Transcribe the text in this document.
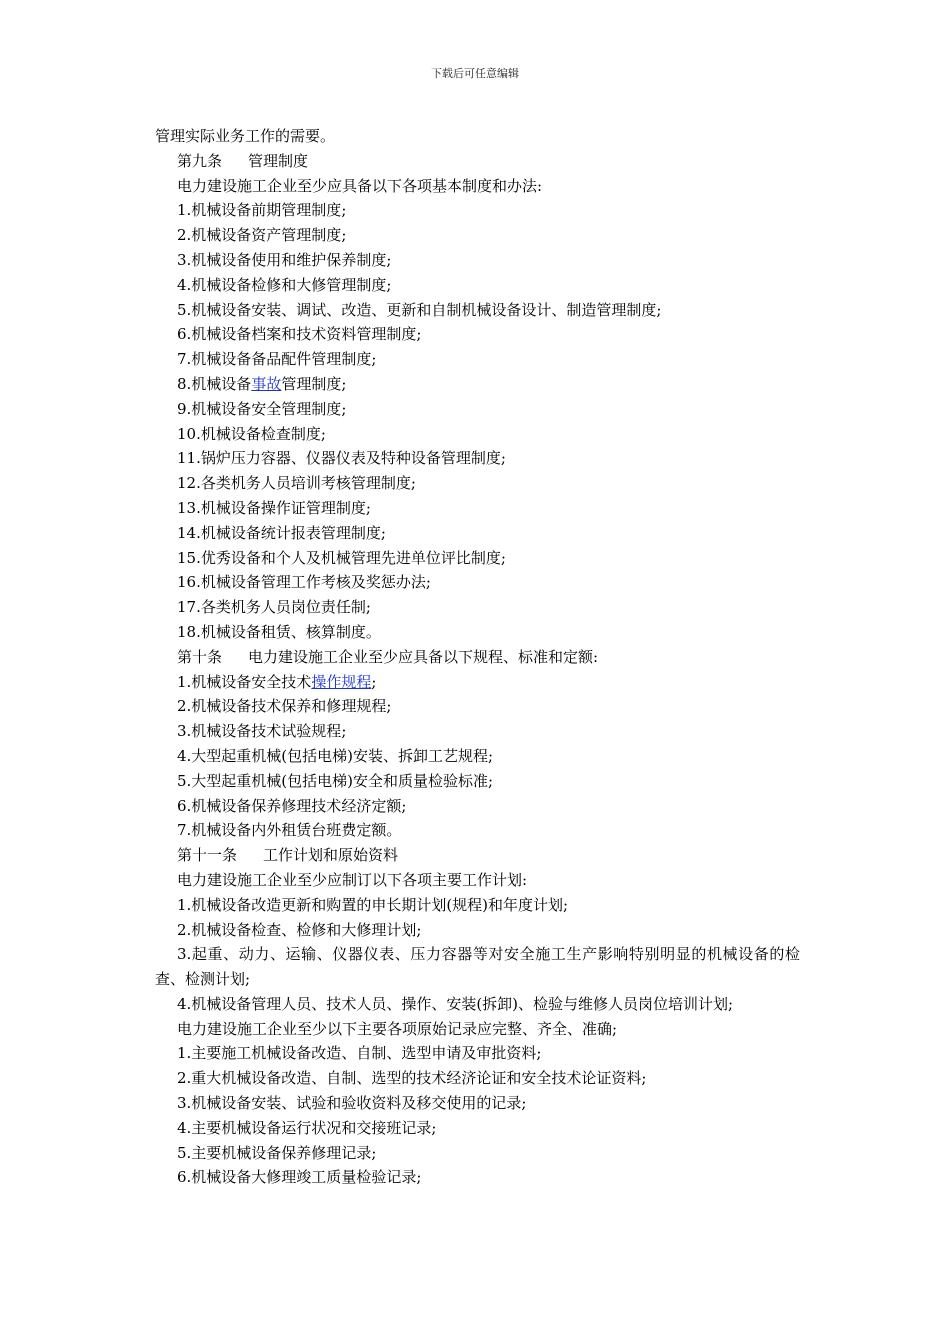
下载后可任意编辑

管理实际业务工作的需要。

第九条 管理制度

电力建设施工企业至少应具备以下各项基本制度和办法:

1.机械设备前期管理制度;

2.机械设备资产管理制度;

3.机械设备使用和维护保养制度;

4.机械设备检修和大修管理制度;

5.机械设备安装、调试、改造、更新和自制机械设备设计、制造管理制度;

6.机械设备档案和技术资料管理制度;

7.机械设备备品配件管理制度;

8.机械设备事故管理制度;

9.机械设备安全管理制度;

10.机械设备检查制度;

11.锅炉压力容器、仪器仪表及特种设备管理制度;

12.各类机务人员培训考核管理制度;

13.机械设备操作证管理制度;

14.机械设备统计报表管理制度;

15.优秀设备和个人及机械管理先进单位评比制度;

16.机械设备管理工作考核及奖惩办法;

17.各类机务人员岗位责任制;

18.机械设备租赁、核算制度。

第十条 电力建设施工企业至少应具备以下规程、标准和定额:

1.机械设备安全技术操作规程;

2.机械设备技术保养和修理规程;

3.机械设备技术试验规程;

4.大型起重机械(包括电梯)安装、拆卸工艺规程;

5.大型起重机械(包括电梯)安全和质量检验标准;

6.机械设备保养修理技术经济定额;

7.机械设备内外租赁台班费定额。

第十一条 工作计划和原始资料

电力建设施工企业至少应制订以下各项主要工作计划:

1.机械设备改造更新和购置的申长期计划(规程)和年度计划;

2.机械设备检查、检修和大修理计划;

3.起重、动力、运输、仪器仪表、压力容器等对安全施工生产影响特别明显的机械设备的检查、检测计划;

4.机械设备管理人员、技术人员、操作、安装(拆卸)、检验与维修人员岗位培训计划;

电力建设施工企业至少以下主要各项原始记录应完整、齐全、准确;

1.主要施工机械设备改造、自制、选型申请及审批资料;

2.重大机械设备改造、自制、选型的技术经济论证和安全技术论证资料;

3.机械设备安装、试验和验收资料及移交使用的记录;

4.主要机械设备运行状况和交接班记录;

5.主要机械设备保养修理记录;

6.机械设备大修理竣工质量检验记录;
